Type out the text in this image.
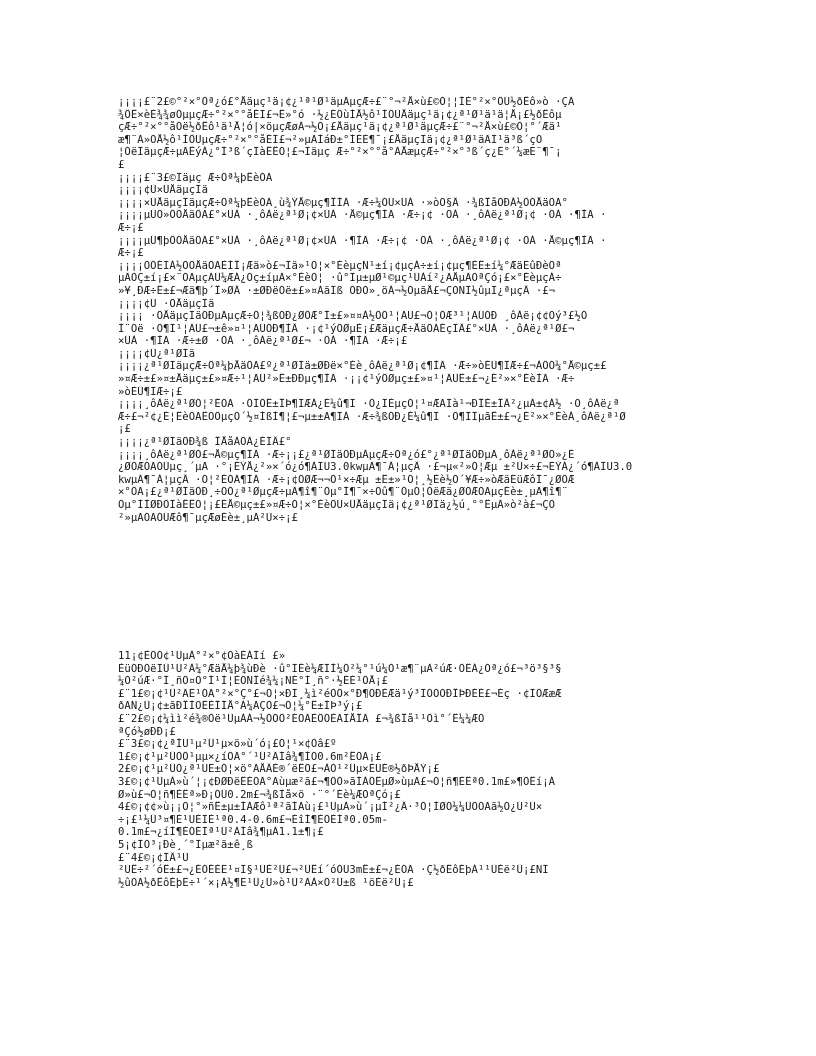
¡¡¡¡£¨2£©°²×°Òª¿ó£°Åäµç¹ä¡¢¿¹ª¹Ø¹äµÄµçÆ÷£¨°¬²Å×ù£©Ó¦¦ÌÈ°²×°ÔÚ½ðÊô»ò ·ÇÄ
¾ÔÊ×èÈ¾¾øÔµµçÆ÷°²×°°åÉÏ£¬Ê»°ó ·½¿ÉÔùÍÅ½ô¹ÌÔÚÅäµç¹ä¡¢¿ª¹Ø¹ä¹ä¦Å¡£½ðÊôµ
çÆ÷°²×°°åÓë½ðÊô¹ä¹Å¦ó|×öµçÆøÁ¬½Ó¡£Åäµç¹ä¡¢¿ª¹Ø¹äµçÆ÷£¨°¬²Å×ù£©Ó¦°´Æä¹
æ¶¨Ã»ÕÅ½ô¹ÌÔÚµçÆ÷°²×°°åÉÏ£¬²»µÃÍáÐ±°ÍÉÉ¶¯¡£ÅäµçÏä¡¢¿ª¹Ø¹äÄÏ¹ä³ß´çÓ
¦ÓëÏäµçÆ÷µÄÊýÁ¿°Í³ß´çÏàÊÊÓ¦£¬Ïäµç Æ÷°²×°°å°ÃÅæµçÆ÷°²×°³ß´ç¿È°´¼æË¨¶¯¡
£
¡¡¡¡£¨3£©Ïäµç Æ÷Ôª¼þÊèÓÃ
¡¡¡¡¢Ù×ÜÅäµçÏä
¡¡¡¡×ÜÅäµçÏäµçÆ÷Ôª¼þÊèÓÃ¸ù¾ÝÅ©µç¶ÎÌÄ ·Æ÷¼ÓÚ×ÜÀ ·»òÕ§Â ·¾ßÎåÓÐÁ½ÖÖÅäÖÃ°
¡¡¡¡µÚÒ»ÖÖÅäÖÃ£°×ÜÀ ·¸ôÀë¿ª¹Ø¡¢×ÜÀ ·Å©µç¶ÌÄ ·Æ÷¡¢ ·ÖÀ ·¸ôÀë¿ª¹Ø¡¢ ·ÖÀ ·¶ÌÄ ·
Æ÷¡£
¡¡¡¡µÚ¶þÖÖÅäÖÃ£°×ÜÀ ·¸ôÀë¿ª¹Ø¡¢×ÜÀ ·¶ÌÄ ·Æ÷¡¢ ·ÖÀ ·¸ôÀë¿ª¹Ø¡¢ ·ÖÀ ·Å©µç¶ÌÄ ·
Æ÷¡£
¡¡¡¡ÒÔÉÏÁ½ÖÖÅäÖÃÈÌÎ¡Æä»ò£¬Ïä»¹Ó¦×°ÉèµçÑ¹±í¡¢µçÁ÷±í¡¢µç¶ÈÊ±í¼°ÆäËûÐèÒª
µÄÒÇ±í¡£×¨ÓÃµçÄÜ¼ÆÁ¿Òç±íµÄ×°ÉèÒ¦ ·û°Ïµ±µØ¹©µç¹ÜÀí²¿ÃÅµÄÒªÇó¡£×°ÉèµçÁ÷
»¥¸ÐÆ÷Ê±£¬Æä¶þ´Î»ØÂ ·±ØÐëÓë±£»¤ÁãÏß ÓÐÒ»¸öÁ¬½ÓµãÅ£¬ÇÒÑÏ½ûµÏ¿ªµçÂ ·£¬
¡¡¡¡¢Ú ·ÖÅäµçÏä
¡¡¡¡ ·ÖÅäµçÏäÖÐµÄµçÆ÷Ó¦¾ßÓÐ¿ØÖÆ°Í±£»¤¤Á½ÖÖ¹¦ÄÜ£¬Ó¦ÖÆ³¹¦ÄÜÓÐ ¸ôÀë¡¢¢Õý³£½Ó
Í¨Óë ·Ö¶Ï¹¦ÄÜ£¬±ê»¤¹¦ÄÜÓÐ¶ÌÂ ·¡¢¹ýÔØµÈ¡£ÆäµçÆ÷ÅäÖÃÈçÏÂ£°×ÜÀ ·¸ôÀë¿ª¹Ø£¬
×ÜÀ ·¶ÌÄ ·Æ÷±Ø ·ÖÀ ·¸ôÀë¿ª¹Ø£¬ ·ÖÀ ·¶ÌÄ ·Æ÷¡£
¡¡¡¡¢Û¿ª¹ØÏä
¡¡¡¡¿ª¹ØÏäµçÆ÷Ôª¼þÅäÖÃ£º¿ª¹ØÏä±ØÐë×°Éè¸ôÀë¿ª¹Ø¡¢¶ÌÄ ·Æ÷»òÈÛ¶ÏÆ÷£¬ÀÔÓ¼°Å©µç±£
»¤Æ÷±£»¤±Åäµç±£»¤Æ÷¹¦ÄÜ²»Ê±ÐÐµç¶ÌÄ ·¡¡¢¹ýÔØµç±£»¤¹¦ÄÜÊ±£¬¿É²»×°ÉèÌÄ ·Æ÷
»òÈÛ¶ÏÆ÷¡£
¡¡¡¡¸ôÀë¿ª¹ØÓ¦²ÉÓÃ ·ÖÏÔÊ±ÎÞ¶ÏÆÁ¿É¼û¶Ï ·Ö¿ÏÈµçÓ¦¹¤ÆÃÏà¹¬ÐÎÈ±ÎÂ²¿µÄ±¢Á½ ·Ö¸ôÀë¿ª
Æ÷£¬²¢¿É¦ÊèÓÃÊÓÔµçÓ´½¤ÍßÌ¶¦£¬µ±±Ã¶ÏÁ ·Æ÷¾ßÓÐ¿É¼û¶Ï ·Ö¶ÏÏµãÊ±£¬¿É²»×°ÉèÁ¸ôÀë¿ª¹Ø
¡£
¡¡¡¡¿ª¹ØÏäÖÐ¾ß ÎÅåÄÖÃ¿ÈÏÂ£°
¡¡¡¡¸ôÀë¿ª¹ØÓ£¬Å©µç¶ÏÄ ·Æ÷¡¡£¿ª¹ØÏäÖÐµÄµçÆ÷Òª¿ó£°¿ª¹ØÏäÖÐµÄ¸ôÀë¿ª¹ØÖ»¿É
¿ØÖÆÓÃÓÚµç¸´µÄ ·°¡ÉÝÅ¿²»×´ó¿ó¶ÀÏU3.0kwµÄ¶¯Á¦µçÂ ·£¬µ«²»Ó¦Æµ ±²Ù×÷£¬ÈÝÁ¿´ó¶ÀÏU3.0
kwµÄ¶¯Á¦µçÂ ·Ó¦²ÉÓÃ¶ÌÄ ·Æ÷¡¢ÖØÆ¬¬Ò¹×÷Æµ ±Ê±»¹Ó¦¸½Éè½Ó´¥Æ÷»òÆäËüÆôÍ¯¿ØÖÆ
×°ÖÃ¡£¿ª¹ØÏäÖÐ¸÷ÖÖ¿ª¹ØµçÆ÷µÄ¶î¶¨Öµ°Í¶¯×÷Õû¶¨ÖµÓ¦ÓëÆä¿ØÖÆÓÃµçÉè±¸µÄ¶î¶¨
Öµ°ÍÌØÐÔÏàÊÊÓ¦¡£ÉÅ©µç±£»¤Æ÷Ó¦×°ÉèÔÚ×ÜÅäµçÏä¡¢¿ª¹ØÏä¿½ú¸°°ÊµÄ»ò²à£¬ÇÒ
²»µÃÓÃÓÚÆô¶¯µçÆøÉè±¸µÄ²Ù×÷¡£
11¡¢ÈÕÓ¢¹ÜµÀ°²×°¢ÓàÈÁÏí £»
ÈüÓÐÓëÏÛ¹Ü²À¼°ÆäÅ¼þ¾ùÐè ·û°ÏÉè¼ÆÏÌ¼Ö²¼°¹ú¼Ò¹æ¶¨µÄ²úÆ·ÖÊÁ¿Òª¿ó£¬³ö³§³§
¼Ò²úÆ·°Í¸ñÖ¤Ó°Í¹Ì¦ÈÕÑÎé¾¼¡ÑÉ°Í¸ñ°·½ÉÈ¹ÔÅ¡£
£¨1£©¡¢¹Ü²ÄË¹ÓÃ°²×°Ç°£¬Ó¦×ÐÏ¸¼ì²éÒÔ×°Ð¶ÖÐÈÆä¹ý³ÏÒÕÓÐÎÞÐÉÉ£¬Èç ·¢ÏÖÆæÆ
ðÃÑ¿Û¡¢±ãÐÎÌÕÈÉÎÍÅ°Á¼ÄÇÒ£¬Ó¦¼°Ê±ÌÞ³ý¡£
£¨2£©¡¢¼ìì²é¾®Òë¹ÜµÀÁ¬½ÓÒÔ²ÉÓÃÈÔÓÈÃÏÅÎÄ £¬¾ßÎå¹¹Öì°´Ê¼¼ÆÒ
ªÇó½øÐÐ¡£
£¨3£©¡¢¿ªÍÚ¹µ²Û¹µ×ö»ù´ó¡£Ó¦¹×¢Òâ£º
1£©¡¢¹µ²ÛÒÔ¹µµ×¿íÓÃ°´¹Ü²ÄÍâ¾¶ÍÓ0.6m²ÊÓÃ¡£
2£©¡¢¹µ²ÛÒ¿ª¹ÚË±Ó¦×ö°ÃÅÂÈ®´ëÊÖ£¬ÀÒ¹²Ûµ×ÈÜÈ®½ðÞÅÝ¡£
3£©¡¢¹ÜµÀ»ù´¦¡¢ÐØÐëÊÉÓÃ°Ãùµæ²ã£¬¶ÔÒ»ãÍÁÔÊµØ»ùµÄ£¬Ó¦ñ¶ÈÊª0.1m£»¶ÔÊí¡Á
Ø»ù£¬Ó¦ñ¶ÈÊª»Ð¡ÓÚ0.2m£¬¾ßÌå×ö ·¨°´Éè¼ÆÒªÇó¡£
4£©¡¢¢»ù¡¡Ó¦°»ñÊ±µ±ÍÀÆô¹ª²ãÍÃù¡£¹ÜµÀ»ù´¡µÍ²¿Â·³Ó¦ÌØÓ¼¼ÛÕÓÃã½Ó¿Ú²Ù×
÷¡£¹¼Û³¤¶È¹ÜÉÏÈ¹ª0.4-0.6m£¬ÉîÍ¶ÈÓÈÍª0.05m-
0.1m£¬¿íÍ¶ÈÓÉÏª¹Ü²ÄÍâ¾¶µÄ1.1±¶¡£
5¡¢ÏÕ³¡Ðè¸´°Ïµæ²ã±ê¸ß
£¨4£©¡¢ÏÂ¹Ü
²ÙÊ÷²´óÊ±£¬¿ÉÓÉÈË¹¤Ï§¹ÜÈ²Ü£¬²ÜÊí´óÓÚ3mÊ±£¬¿ÉÓÃ ·Ç½ðÊôÉþÁ¹¹ÜÈë²Û¡£ÑÏ
½ûÓÃ½ðÊôÉþË÷¹´×¡Á½¶Ë¹Ü¿Ú»ò¹Ü²ÄÀ×Ô²Ü±ß ¹öÈë²Û¡£
